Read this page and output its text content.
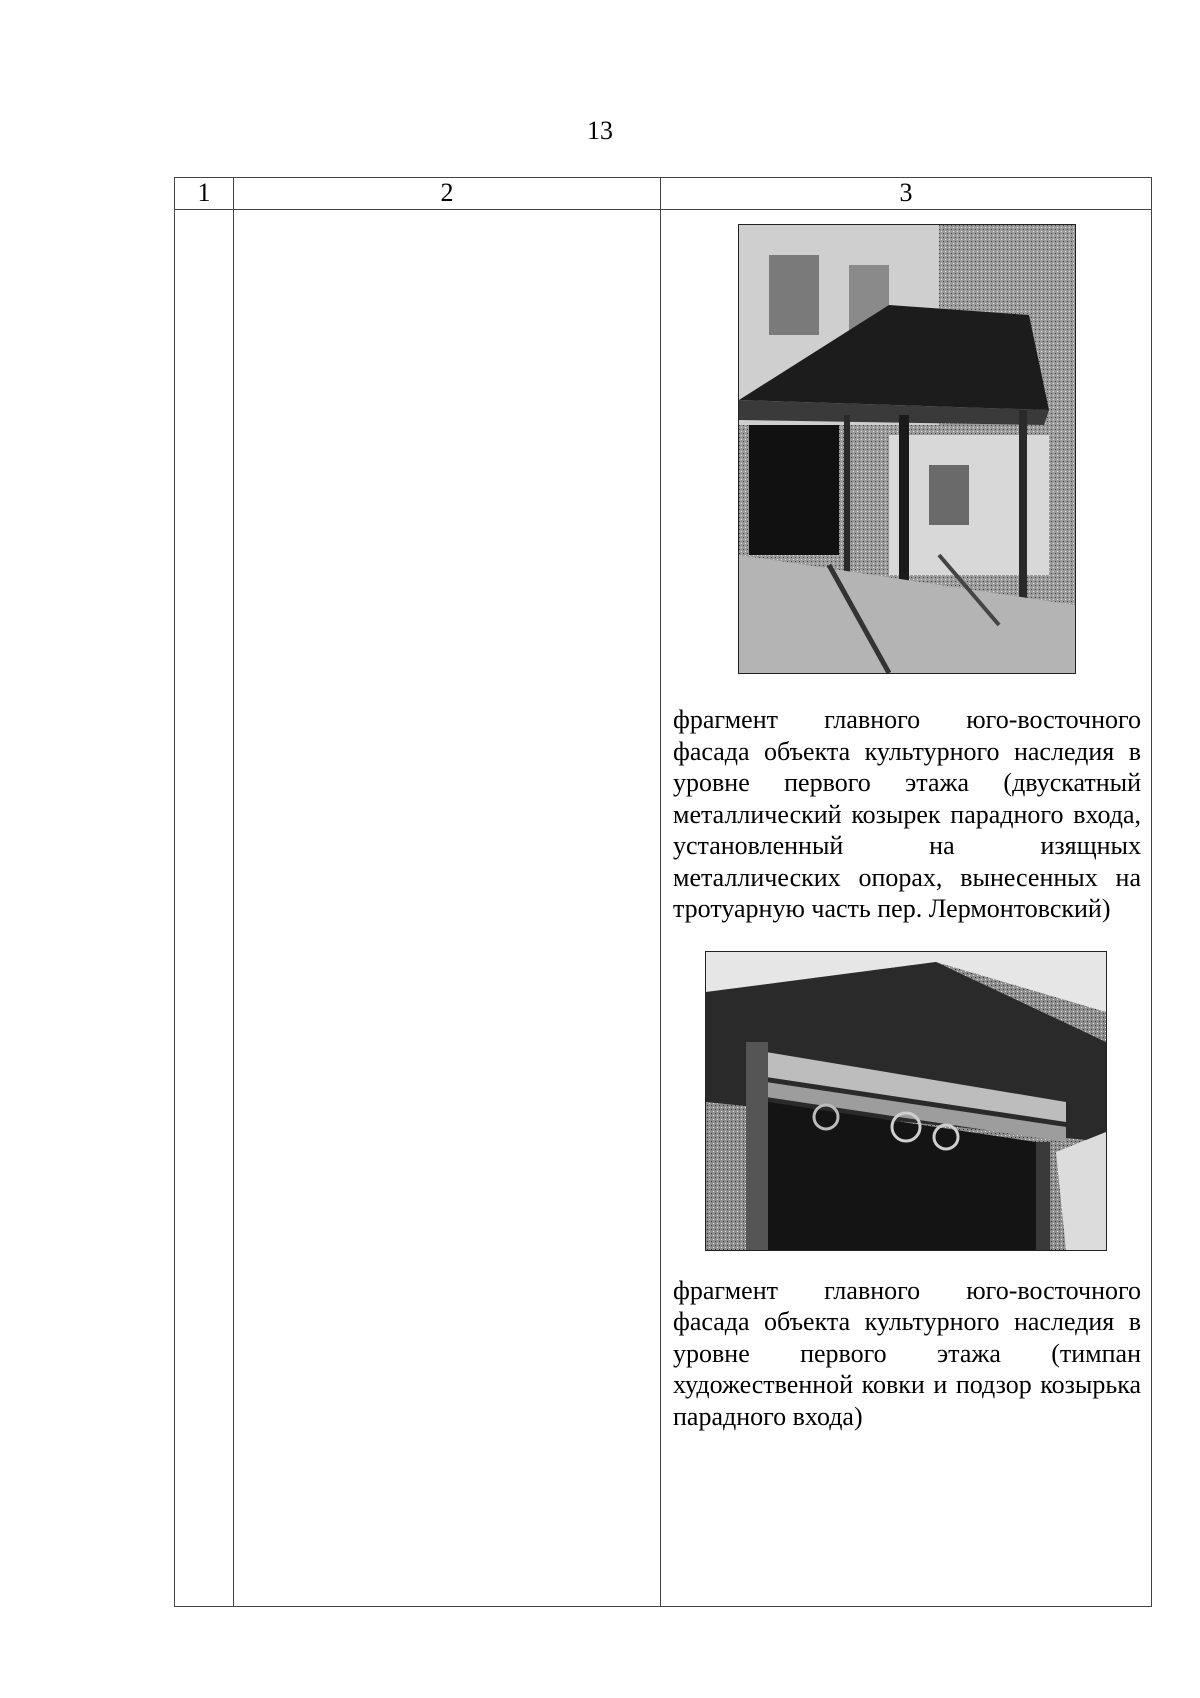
13
1	2	3

		фрагмент главного юго-восточного фасада объекта культурного наследия в уровне первого этажа (двускатный металлический козырек парадного входа, установленный на изящных металлических опорах, вынесенных на тротуарную часть пер. Лермонтовский)
фрагмент главного юго-восточного фасада объекта культурного наследия в уровне первого этажа (тимпан художественной ковки и подзор козырька парадного входа)
